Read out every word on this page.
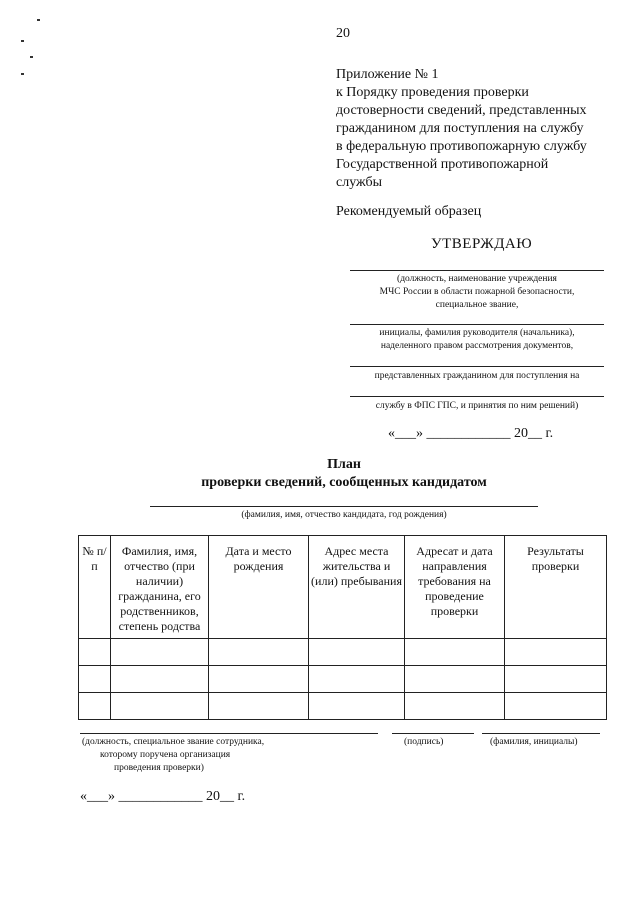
20
Приложение № 1
к Порядку проведения проверки
достоверности сведений, представленных
гражданином для поступления на службу
в федеральную противопожарную службу
Государственной противопожарной
службы
Рекомендуемый образец
УТВЕРЖДАЮ
(должность, наименование учреждения
МЧС России в области пожарной безопасности,
специальное звание,
инициалы, фамилия руководителя (начальника),
наделенного правом рассмотрения документов,
представленных гражданином для поступления на
службу в ФПС ГПС, и принятия по ним решений)
«___» ____________ 20__ г.
План
проверки сведений, сообщенных кандидатом
(фамилия, имя, отчество кандидата, год рождения)
№ п/п	Фамилия, имя, отчество (при наличии) гражданина, его родственников, степень родства	Дата и место рождения	Адрес места жительства и (или) пребывания	Адресат и дата направления требования на проведение проверки	Результаты проверки

(должность, специальное звание сотрудника,
которому поручена организация
проведения проверки)
(подпись)	(фамилия, инициалы)
«___» ____________ 20__ г.
